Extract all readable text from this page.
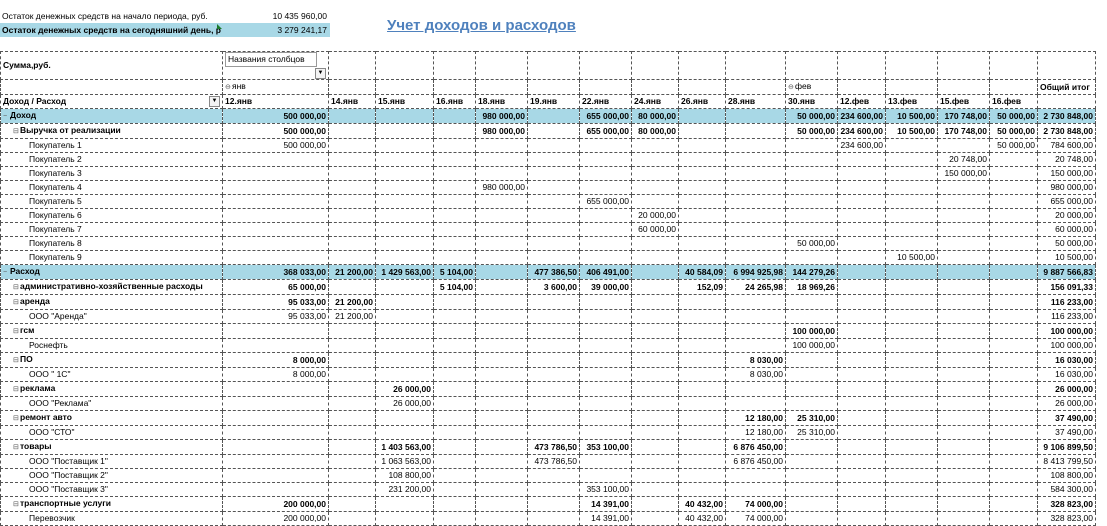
Остаток денежных средств на начало периода, руб.	10 435 960,00
Остаток денежных средств на сегодняшний день, р	3 279 241,17	Учет доходов и расходов
Сумма,руб.	Названия столбцов
▼															

	⊖янв										⊖фев					Общий итог
Доход / Расход ▼	12.янв	14.янв	15.янв	16.янв	18.янв	19.янв	22.янв	24.янв	26.янв	28.янв	30.янв	12.фев	13.фев	15.фев	16.фев	
− Доход	500 000,00				980 000,00		655 000,00	80 000,00			50 000,00	234 600,00	10 500,00	170 748,00	50 000,00	2 730 848,00
⊟Выручка от реализации	500 000,00				980 000,00		655 000,00	80 000,00			50 000,00	234 600,00	10 500,00	170 748,00	50 000,00	2 730 848,00
Покупатель 1	500 000,00											234 600,00			50 000,00	784 600,00
Покупатель 2														20 748,00		20 748,00
Покупатель 3														150 000,00		150 000,00
Покупатель 4					980 000,00											980 000,00
Покупатель 5							655 000,00									655 000,00
Покупатель 6								20 000,00								20 000,00
Покупатель 7								60 000,00								60 000,00
Покупатель 8											50 000,00					50 000,00
Покупатель 9													10 500,00			10 500,00
− Расход	368 033,00	21 200,00	1 429 563,00	5 104,00		477 386,50	406 491,00		40 584,09	6 994 925,98	144 279,26					9 887 566,83
⊟административно-хозяйственные расходы	65 000,00			5 104,00		3 600,00	39 000,00		152,09	24 265,98	18 969,26					156 091,33
⊟аренда	95 033,00	21 200,00														116 233,00
ООО "Аренда"	95 033,00	21 200,00														116 233,00
⊟гсм											100 000,00					100 000,00
Роснефть											100 000,00					100 000,00
⊟ПО	8 000,00									8 030,00						16 030,00
ООО " 1С"	8 000,00									8 030,00						16 030,00
⊟реклама			26 000,00													26 000,00
ООО "Реклама"			26 000,00													26 000,00
⊟ремонт авто										12 180,00	25 310,00					37 490,00
ООО "СТО"										12 180,00	25 310,00					37 490,00
⊟товары			1 403 563,00			473 786,50	353 100,00			6 876 450,00						9 106 899,50
ООО "Поставщик 1"			1 063 563,00			473 786,50				6 876 450,00						8 413 799,50
ООО "Поставщик 2"			108 800,00													108 800,00
ООО "Поставщик 3"			231 200,00				353 100,00									584 300,00
⊟транспортные услуги	200 000,00						14 391,00		40 432,00	74 000,00						328 823,00
Перевозчик	200 000,00						14 391,00		40 432,00	74 000,00						328 823,00
